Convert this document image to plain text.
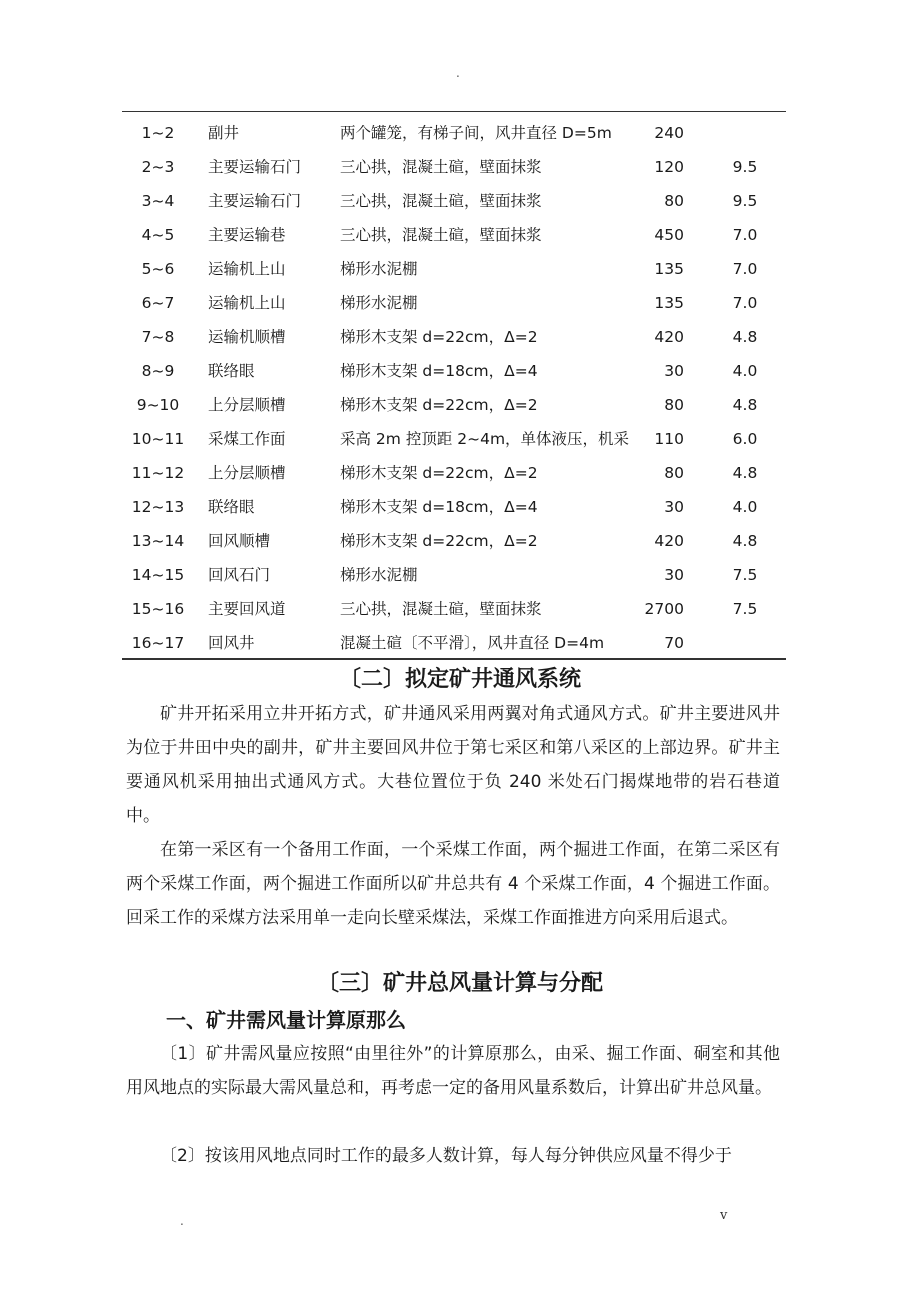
.
1~2	副井	两个罐笼，有梯子间，风井直径 D=5m	240
2~3	主要运输石门	三心拱，混凝土碹，壁面抹浆	120	9.5
3~4	主要运输石门	三心拱，混凝土碹，壁面抹浆	80	9.5
4~5	主要运输巷	三心拱，混凝土碹，壁面抹浆	450	7.0
5~6	运输机上山	梯形水泥棚	135	7.0
6~7	运输机上山	梯形水泥棚	135	7.0
7~8	运输机顺槽	梯形木支架 d=22cm，Δ=2	420	4.8
8~9	联络眼	梯形木支架 d=18cm，Δ=4	30	4.0
9~10	上分层顺槽	梯形木支架 d=22cm，Δ=2	80	4.8
10~11	采煤工作面	采高 2m 控顶距 2~4m，单体液压，机采	110	6.0
11~12	上分层顺槽	梯形木支架 d=22cm，Δ=2	80	4.8
12~13	联络眼	梯形木支架 d=18cm，Δ=4	30	4.0
13~14	回风顺槽	梯形木支架 d=22cm，Δ=2	420	4.8
14~15	回风石门	梯形水泥棚	30	7.5
15~16	主要回风道	三心拱，混凝土碹，壁面抹浆	2700	7.5
16~17	回风井	混凝土碹〔不平滑〕，风井直径 D=4m	70
〔二〕拟定矿井通风系统

矿井开拓采用立井开拓方式，矿井通风采用两翼对角式通风方式。矿井主要进风井为位于井田中央的副井，矿井主要回风井位于第七采区和第八采区的上部边界。矿井主要通风机采用抽出式通风方式。大巷位置位于负 240 米处石门揭煤地带的岩石巷道中。

在第一采区有一个备用工作面，一个采煤工作面，两个掘进工作面，在第二采区有两个采煤工作面，两个掘进工作面所以矿井总共有 4 个采煤工作面，4 个掘进工作面。回采工作的采煤方法采用单一走向长壁采煤法，采煤工作面推进方向采用后退式。

〔三〕矿井总风量计算与分配
一、矿井需风量计算原那么

〔1〕矿井需风量应按照“由里往外”的计算原那么，由采、掘工作面、硐室和其他用风地点的实际最大需风量总和，再考虑一定的备用风量系数后，计算出矿井总风量。

〔2〕按该用风地点同时工作的最多人数计算，每人每分钟供应风量不得少于

.	v
